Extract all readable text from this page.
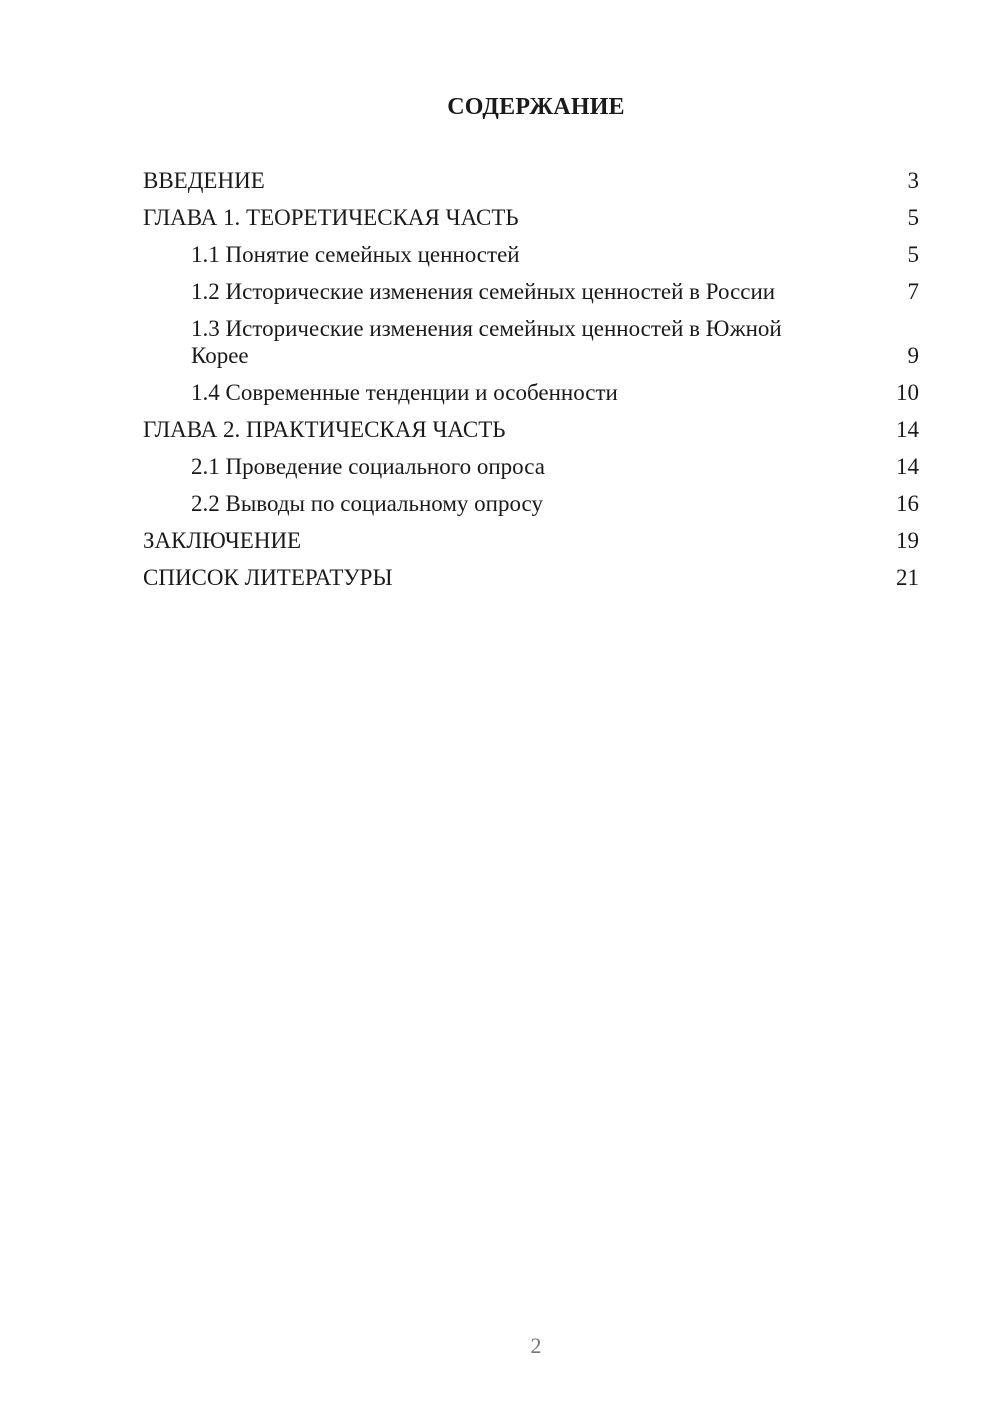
СОДЕРЖАНИЕ
ВВЕДЕНИЕ	3
ГЛАВА 1. ТЕОРЕТИЧЕСКАЯ ЧАСТЬ	5
1.1 Понятие семейных ценностей	5
1.2 Исторические изменения семейных ценностей в России	7
1.3 Исторические изменения семейных ценностей в Южной Корее	9
1.4 Современные тенденции и особенности	10
ГЛАВА 2. ПРАКТИЧЕСКАЯ ЧАСТЬ	14
2.1 Проведение социального опроса	14
2.2 Выводы по социальному опросу	16
ЗАКЛЮЧЕНИЕ	19
СПИСОК ЛИТЕРАТУРЫ	21
2
